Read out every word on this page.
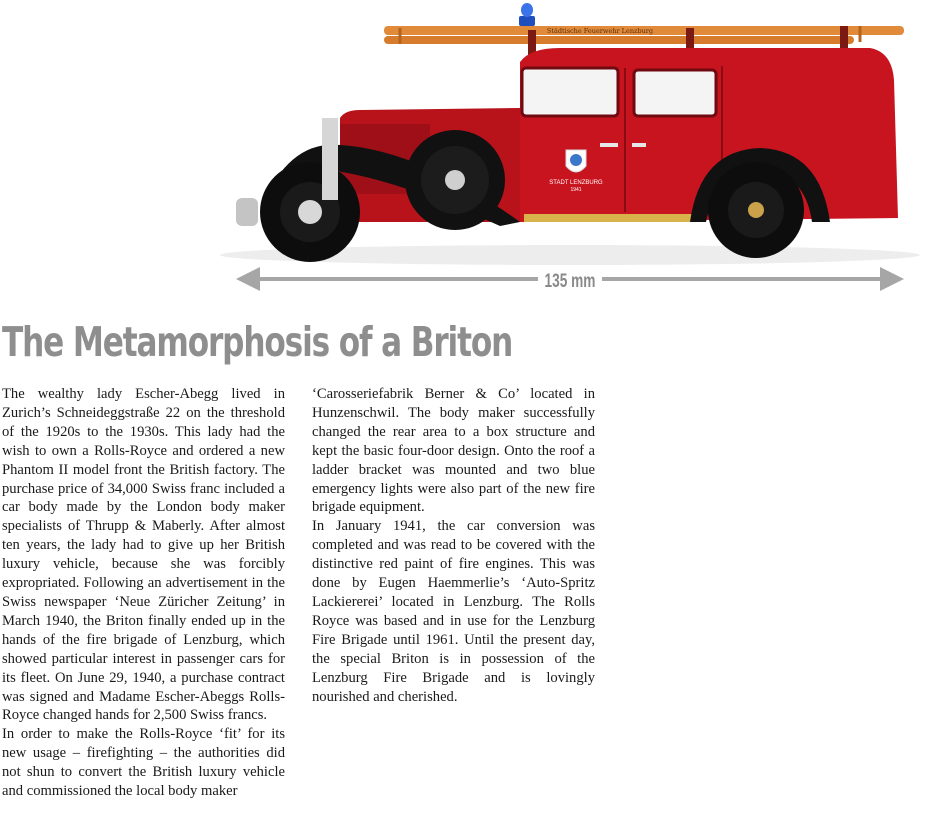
Städtische Feuerwehr Lenzburg
STADT LENZBURG
1941
135 mm
The Metamorphosis of a Briton

The wealthy lady Escher-Abegg lived in Zurich’s Schneideggstraße 22 on the threshold of the 1920s to the 1930s. This lady had the wish to own a Rolls-Royce and ordered a new Phantom II model front the British factory. The purchase price of 34,000 Swiss franc included a car body made by the London body maker specialists of Thrupp & Maberly. After almost ten years, the lady had to give up her British luxury vehicle, because she was forcibly expropriated. Following an advertisement in the Swiss newspaper ‘Neue Züricher Zeitung’ in March 1940, the Briton finally ended up in the hands of the fire brigade of Lenzburg, which showed particular interest in passenger cars for its fleet. On June 29, 1940, a purchase contract was signed and Madame Escher-Abeggs Rolls-Royce changed hands for 2,500 Swiss francs.

In order to make the Rolls-Royce ‘fit’ for its new usage – firefighting – the authorities did not shun to convert the British luxury vehicle and commissioned the local body maker

‘Carosseriefabrik Berner & Co’ located in Hunzenschwil. The body maker successfully changed the rear area to a box structure and kept the basic four-door design. Onto the roof a ladder bracket was mounted and two blue emergency lights were also part of the new fire brigade equipment.

In January 1941, the car conversion was completed and was read to be covered with the distinctive red paint of fire engines. This was done by Eugen Haemmerlie’s ‘Auto-Spritz Lackiererei’ located in Lenzburg. The Rolls Royce was based and in use for the Lenzburg Fire Brigade until 1961. Until the present day, the special Briton is in possession of the Lenzburg Fire Brigade and is lovingly nourished and cherished.
